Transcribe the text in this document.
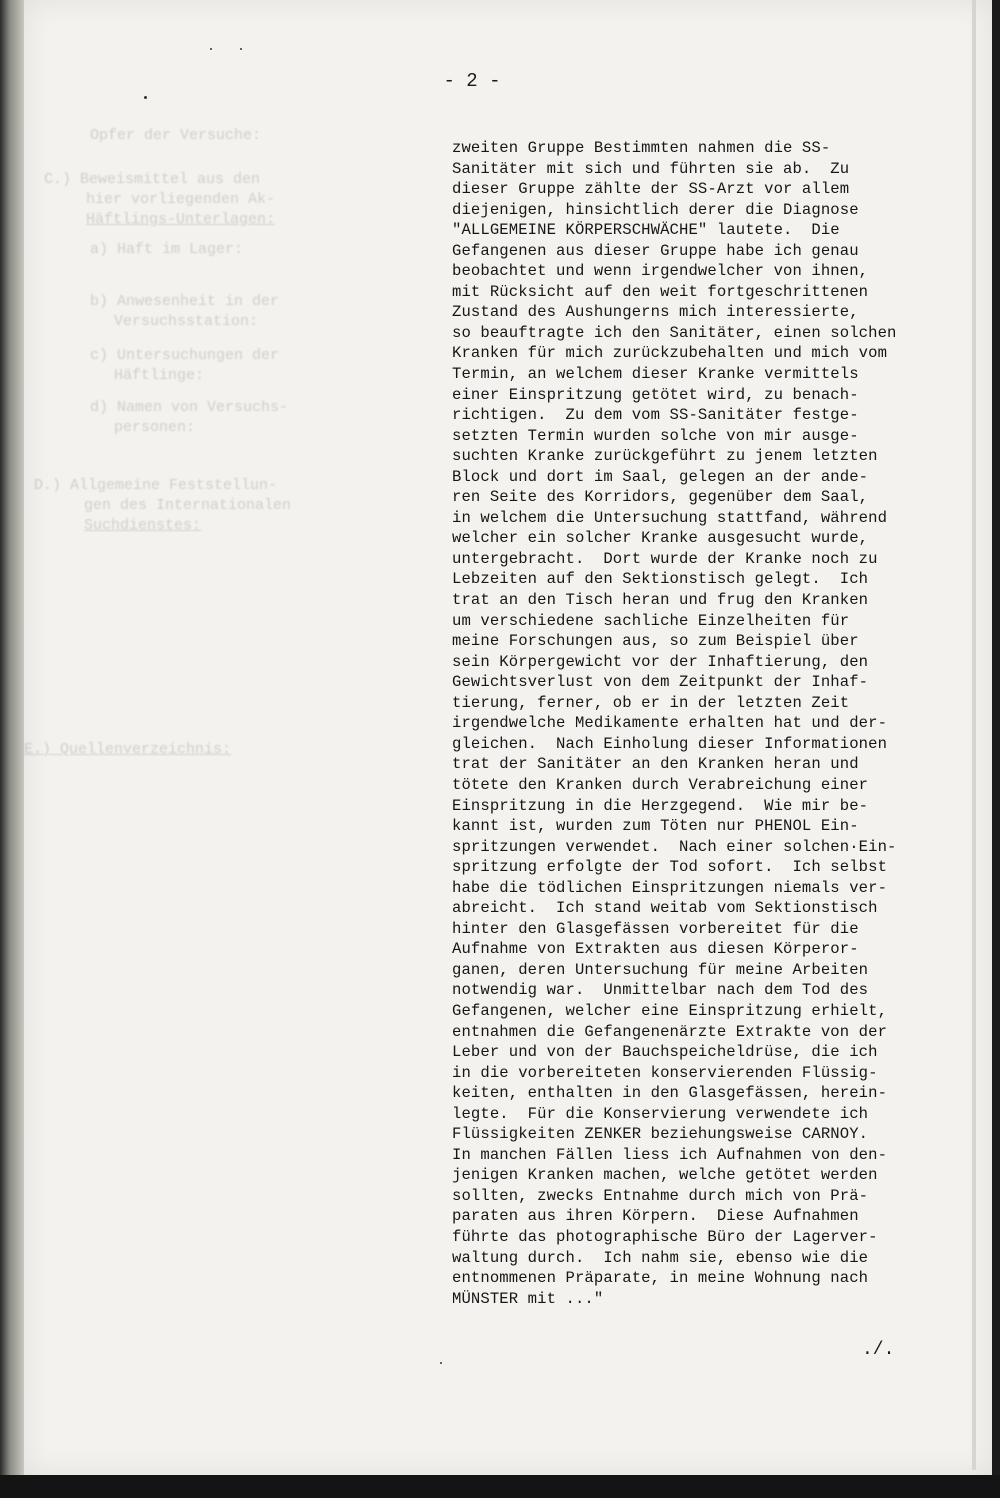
Opfer der Versuche:
C.) Beweismittel aus den
hier vorliegenden Ak-
Häftlings-Unterlagen:
a) Haft im Lager:
b) Anwesenheit in der
Versuchsstation:
c) Untersuchungen der
Häftlinge:
d) Namen von Versuchs-
personen:
D.) Allgemeine Feststellun-
gen des Internationalen
Suchdienstes:
E.) Quellenverzeichnis:
- 2 -
zweiten Gruppe Bestimmten nahmen die SS-
Sanitäter mit sich und führten sie ab.  Zu
dieser Gruppe zählte der SS-Arzt vor allem
diejenigen, hinsichtlich derer die Diagnose
"ALLGEMEINE KÖRPERSCHWÄCHE" lautete.  Die
Gefangenen aus dieser Gruppe habe ich genau
beobachtet und wenn irgendwelcher von ihnen,
mit Rücksicht auf den weit fortgeschrittenen
Zustand des Aushungerns mich interessierte,
so beauftragte ich den Sanitäter, einen solchen
Kranken für mich zurückzubehalten und mich vom
Termin, an welchem dieser Kranke vermittels
einer Einspritzung getötet wird, zu benach-
richtigen.  Zu dem vom SS-Sanitäter festge-
setzten Termin wurden solche von mir ausge-
suchten Kranke zurückgeführt zu jenem letzten
Block und dort im Saal, gelegen an der ande-
ren Seite des Korridors, gegenüber dem Saal,
in welchem die Untersuchung stattfand, während
welcher ein solcher Kranke ausgesucht wurde,
untergebracht.  Dort wurde der Kranke noch zu
Lebzeiten auf den Sektionstisch gelegt.  Ich
trat an den Tisch heran und frug den Kranken
um verschiedene sachliche Einzelheiten für
meine Forschungen aus, so zum Beispiel über
sein Körpergewicht vor der Inhaftierung, den
Gewichtsverlust von dem Zeitpunkt der Inhaf-
tierung, ferner, ob er in der letzten Zeit
irgendwelche Medikamente erhalten hat und der-
gleichen.  Nach Einholung dieser Informationen
trat der Sanitäter an den Kranken heran und
tötete den Kranken durch Verabreichung einer
Einspritzung in die Herzgegend.  Wie mir be-
kannt ist, wurden zum Töten nur PHENOL Ein-
spritzungen verwendet.  Nach einer solchen·Ein-
spritzung erfolgte der Tod sofort.  Ich selbst
habe die tödlichen Einspritzungen niemals ver-
abreicht.  Ich stand weitab vom Sektionstisch
hinter den Glasgefässen vorbereitet für die
Aufnahme von Extrakten aus diesen Körperor-
ganen, deren Untersuchung für meine Arbeiten
notwendig war.  Unmittelbar nach dem Tod des
Gefangenen, welcher eine Einspritzung erhielt,
entnahmen die Gefangenenärzte Extrakte von der
Leber und von der Bauchspeicheldrüse, die ich
in die vorbereiteten konservierenden Flüssig-
keiten, enthalten in den Glasgefässen, herein-
legte.  Für die Konservierung verwendete ich
Flüssigkeiten ZENKER beziehungsweise CARNOY.
In manchen Fällen liess ich Aufnahmen von den-
jenigen Kranken machen, welche getötet werden
sollten, zwecks Entnahme durch mich von Prä-
paraten aus ihren Körpern.  Diese Aufnahmen
führte das photographische Büro der Lagerver-
waltung durch.  Ich nahm sie, ebenso wie die
entnommenen Präparate, in meine Wohnung nach
MÜNSTER mit ..."
./.
